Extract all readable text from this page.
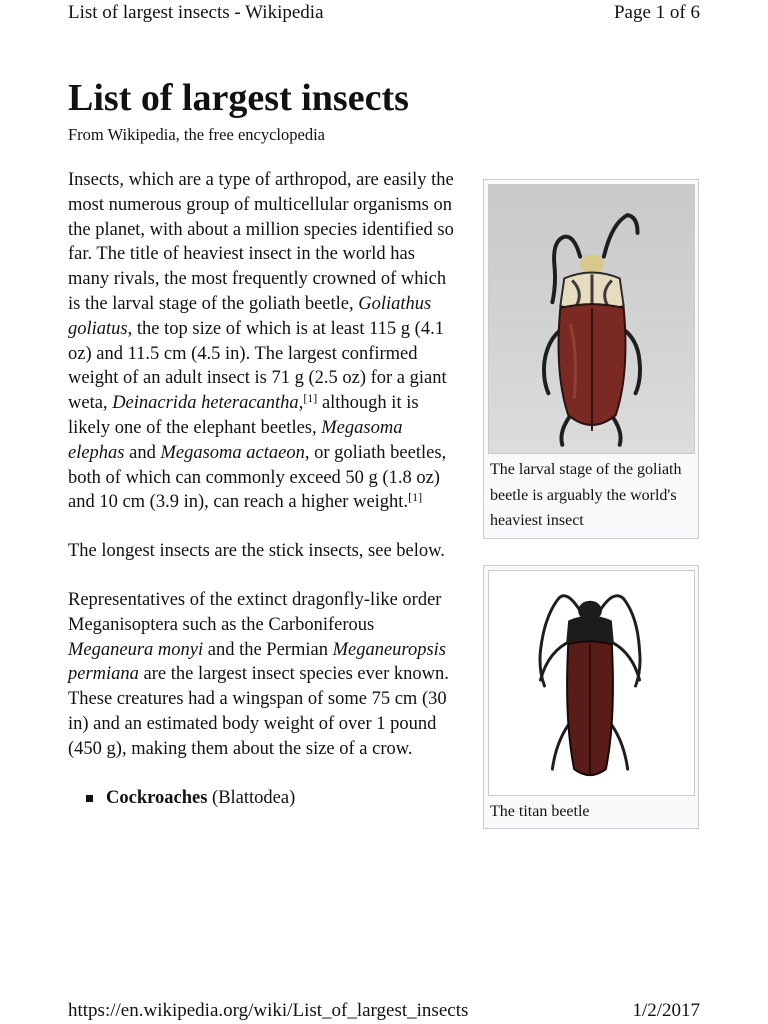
List of largest insects - Wikipedia	Page 1 of 6
List of largest insects
From Wikipedia, the free encyclopedia

Insects, which are a type of arthropod, are easily the most numerous group of multicellular organisms on the planet, with about a million species identified so far. The title of heaviest insect in the world has many rivals, the most frequently crowned of which is the larval stage of the goliath beetle, Goliathus goliatus, the top size of which is at least 115 g (4.1 oz) and 11.5 cm (4.5 in). The largest confirmed weight of an adult insect is 71 g (2.5 oz) for a giant weta, Deinacrida heteracantha,[1] although it is likely one of the elephant beetles, Megasoma elephas and Megasoma actaeon, or goliath beetles, both of which can commonly exceed 50 g (1.8 oz) and 10 cm (3.9 in), can reach a higher weight.[1]

The longest insects are the stick insects, see below.

Representatives of the extinct dragonfly-like order Meganisoptera such as the Carboniferous Meganeura monyi and the Permian Meganeuropsis permiana are the largest insect species ever known. These creatures had a wingspan of some 75 cm (30 in) and an estimated body weight of over 1 pound (450 g), making them about the size of a crow.

Cockroaches (Blattodea)
The larval stage of the goliath beetle is arguably the world's heaviest insect
The titan beetle
https://en.wikipedia.org/wiki/List_of_largest_insects	1/2/2017
